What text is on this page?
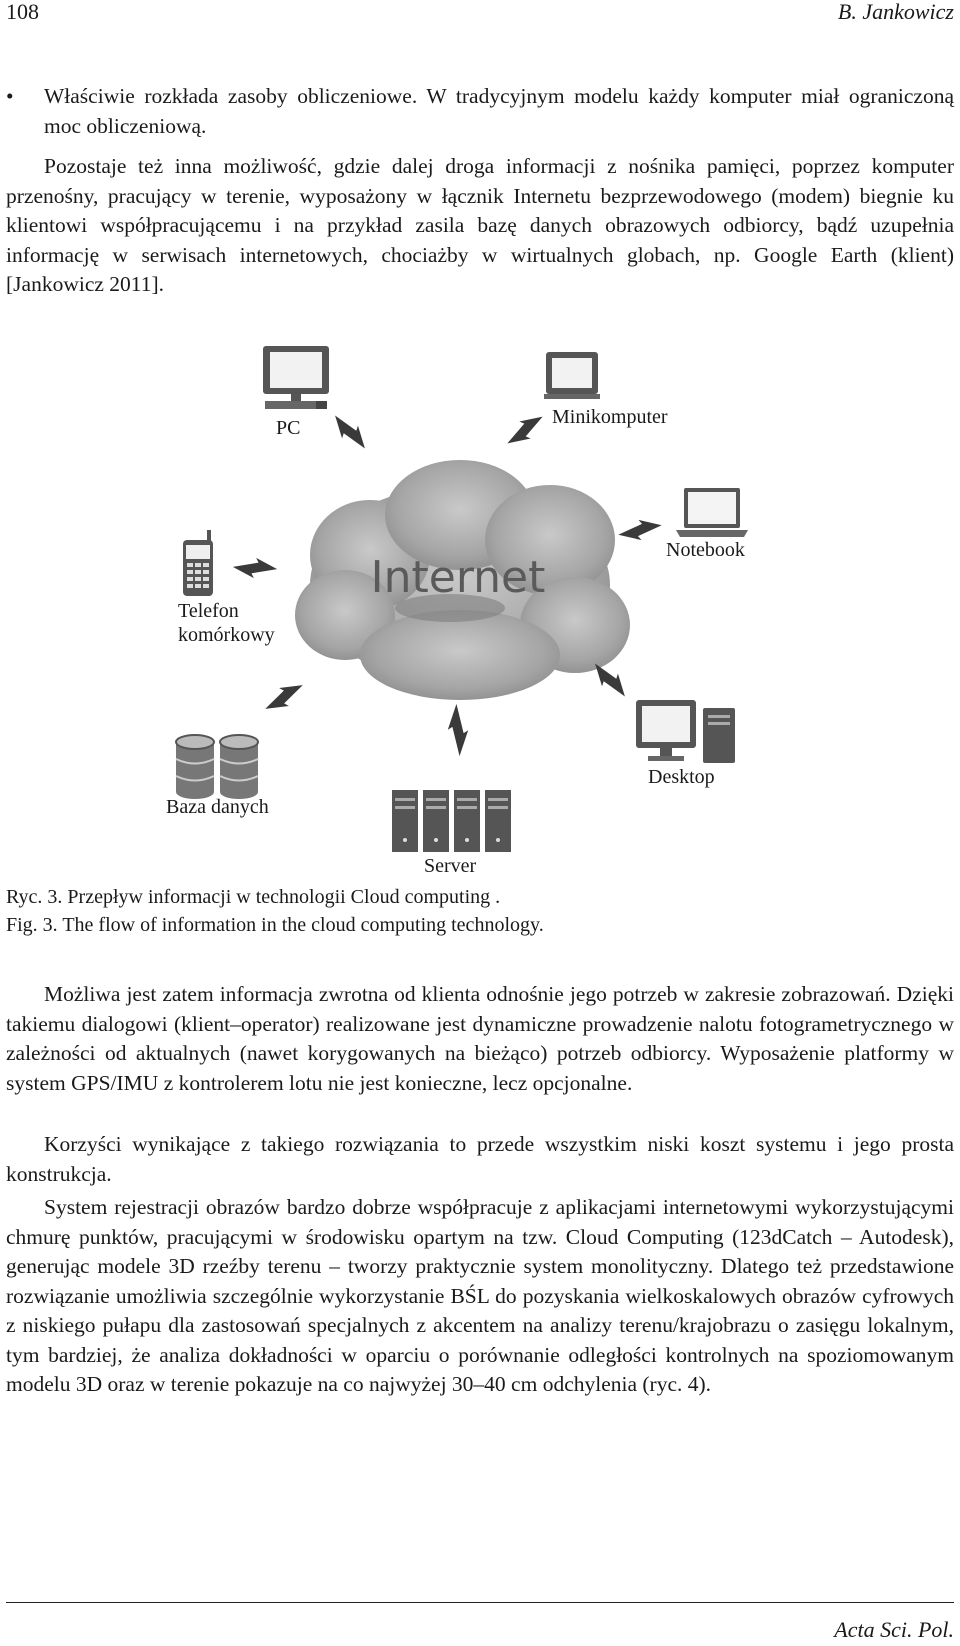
108	B. Jankowicz
• Właściwie rozkłada zasoby obliczeniowe. W tradycyjnym modelu każdy komputer miał ograniczoną moc obliczeniową.

Pozostaje też inna możliwość, gdzie dalej droga informacji z nośnika pamięci, poprzez komputer przenośny, pracujący w terenie, wyposażony w łącznik Internetu bezprzewodowego (modem) biegnie ku klientowi współpracującemu i na przykład zasila bazę danych obrazowych odbiorcy, bądź uzupełnia informację w serwisach internetowych, chociażby w wirtualnych globach, np. Google Earth (klient) [Jankowicz 2011].

Internet
PC	Minikomputer
Notebook
Telefon
komórkowy
Baza danych
Desktop
Server
Ryc. 3. Przepływ informacji w technologii Cloud computing .
Fig. 3. The flow of information in the cloud computing technology.

Możliwa jest zatem informacja zwrotna od klienta odnośnie jego potrzeb w zakresie zobrazowań. Dzięki takiemu dialogowi (klient–operator) realizowane jest dynamiczne prowadzenie nalotu fotogrametrycznego w zależności od aktualnych (nawet korygowanych na bieżąco) potrzeb odbiorcy. Wyposażenie platformy w system GPS/IMU z kontrolerem lotu nie jest konieczne, lecz opcjonalne.

Korzyści wynikające z takiego rozwiązania to przede wszystkim niski koszt systemu i jego prosta konstrukcja.

System rejestracji obrazów bardzo dobrze współpracuje z aplikacjami internetowymi wykorzystującymi chmurę punktów, pracującymi w środowisku opartym na tzw. Cloud Computing (123dCatch – Autodesk), generując modele 3D rzeźby terenu – tworzy praktycznie system monolityczny. Dlatego też przedstawione rozwiązanie umożliwia szczególnie wykorzystanie BŚL do pozyskania wielkoskalowych obrazów cyfrowych z niskiego pułapu dla zastosowań specjalnych z akcentem na analizy terenu/krajobrazu o zasięgu lokalnym, tym bardziej, że analiza dokładności w oparciu o porównanie odległości kontrolnych na spoziomowanym modelu 3D oraz w terenie pokazuje na co najwyżej 30–40 cm odchylenia (ryc. 4).

Acta Sci. Pol.
